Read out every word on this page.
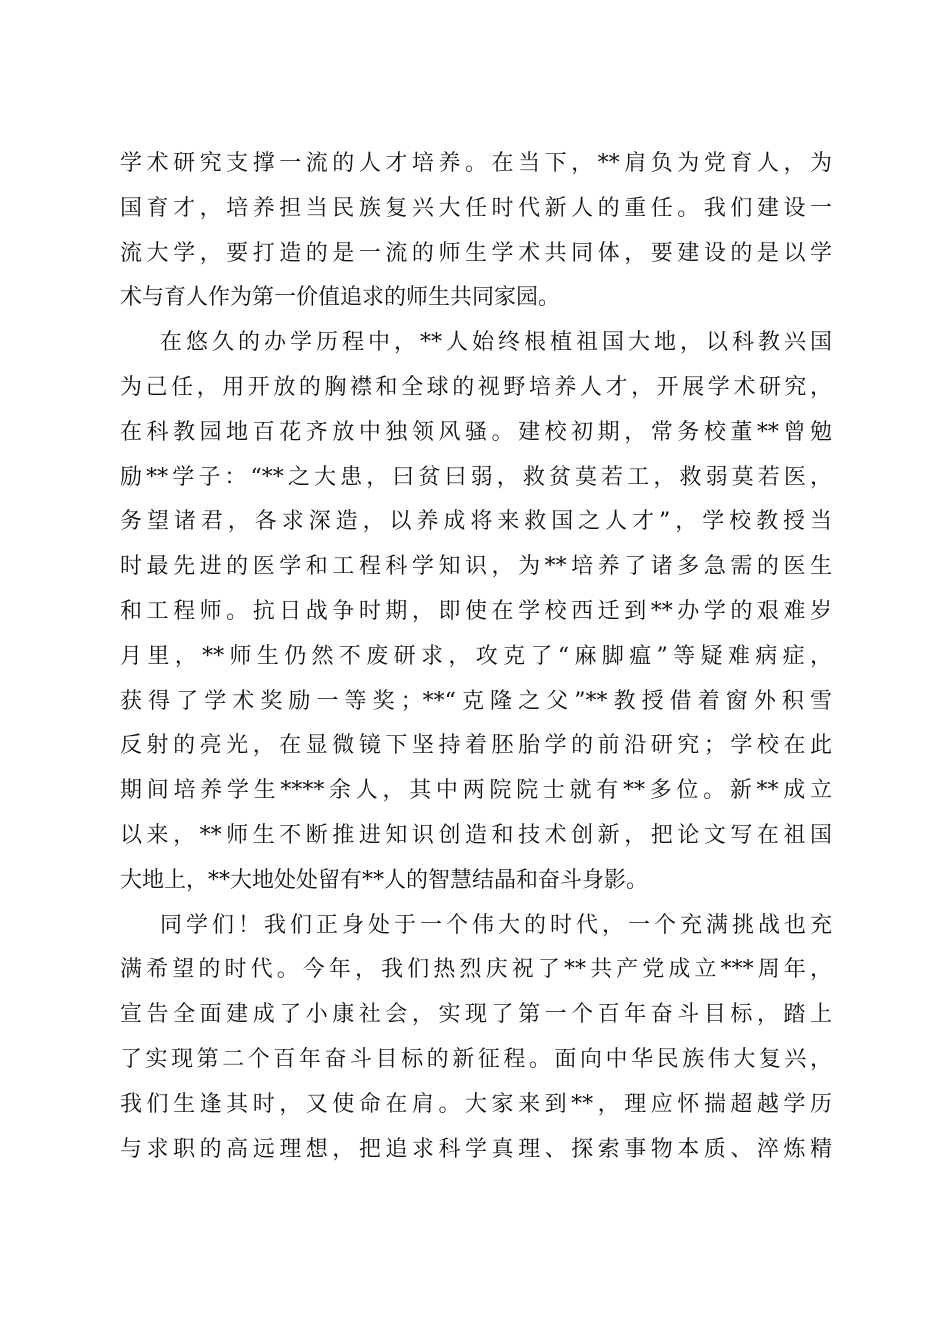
学术研究支撑一流的人才培养。在当下，**肩负为党育人，为
国育才，培养担当民族复兴大任时代新人的重任。我们建设一
流大学，要打造的是一流的师生学术共同体，要建设的是以学
术与育人作为第一价值追求的师生共同家园。
在悠久的办学历程中，**人始终根植祖国大地，以科教兴国
为己任，用开放的胸襟和全球的视野培养人才，开展学术研究，
在科教园地百花齐放中独领风骚。建校初期，常务校董**曾勉
励**学子：“**之大患，曰贫曰弱，救贫莫若工，救弱莫若医，
务望诸君，各求深造，以养成将来救国之人才”，学校教授当
时最先进的医学和工程科学知识，为**培养了诸多急需的医生
和工程师。抗日战争时期，即使在学校西迁到**办学的艰难岁
月里，**师生仍然不废研求，攻克了“麻脚瘟”等疑难病症，
获得了学术奖励一等奖；**“克隆之父”**教授借着窗外积雪
反射的亮光，在显微镜下坚持着胚胎学的前沿研究；学校在此
期间培养学生****余人，其中两院院士就有**多位。新**成立
以来，**师生不断推进知识创造和技术创新，把论文写在祖国
大地上，**大地处处留有**人的智慧结晶和奋斗身影。
同学们！我们正身处于一个伟大的时代，一个充满挑战也充
满希望的时代。今年，我们热烈庆祝了**共产党成立***周年，
宣告全面建成了小康社会，实现了第一个百年奋斗目标，踏上
了实现第二个百年奋斗目标的新征程。面向中华民族伟大复兴，
我们生逢其时，又使命在肩。大家来到**，理应怀揣超越学历
与求职的高远理想，把追求科学真理、探索事物本质、淬炼精
